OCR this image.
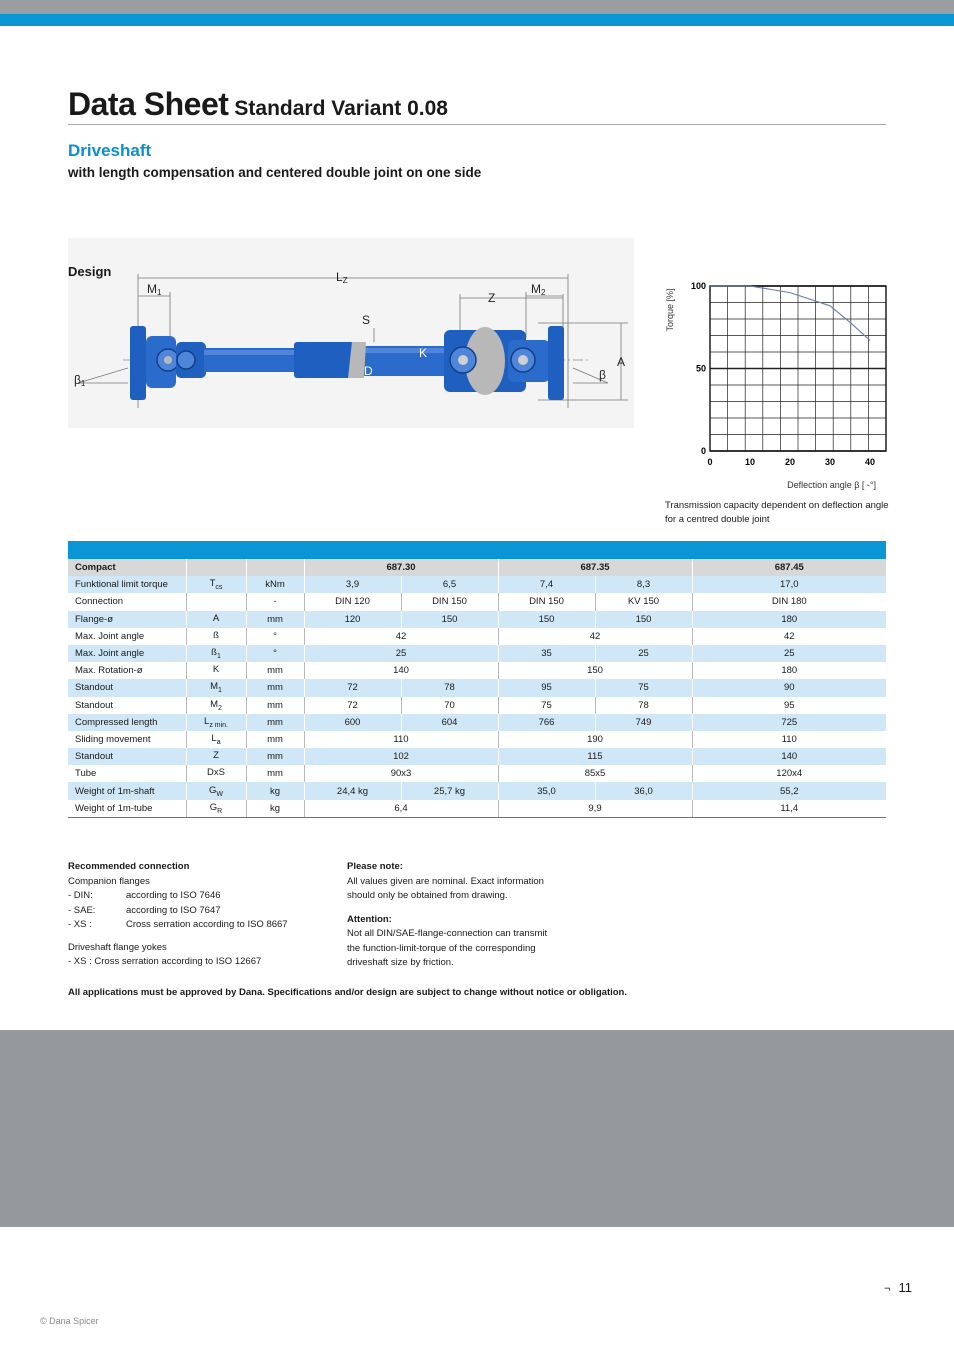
Data Sheet Standard Variant 0.08
Driveshaft
with length compensation and centered double joint on one side
M1
LZ
Z
M2
S
K
D
A
β1
β
Design
0	10	20	30	40
0
50
100
Torque [%]
Deflection angle β [ -°]
Transmission capacity dependent on deflection angle for a centred double joint
Compact			687.30		687.35		687.45
Funktional limit torque	$T_{cs}$	kNm	3,9	6,5	7,4	8,3	17,0
Connection		-	DIN 120	DIN 150	DIN 150	KV 150	DIN 180
Flange-ø	A	mm	120	150	150	150	180
Max. Joint angle	ß	°	42		42		42
Max. Joint angle	$ß_1$	°	25		35	25	25
Max. Rotation-ø	K	mm	140		150		180
Standout	$M_1$	mm	72	78	95	75	90
Standout	$M_2$	mm	72	70	75	78	95
Compressed length	$L_{z min.}$	mm	600	604	766	749	725
Sliding movement	$L_a$	mm	110		190		110
Standout	Z	mm	102		115		140
Tube	DxS	mm	90x3		85x5		120x4
Weight of 1m-shaft	$G_W$	kg	24,4 kg	25,7 kg	35,0	36,0	55,2
Weight of 1m-tube	$G_R$	kg	6,4		9,9		11,4
Recommended connection
Companion flanges
- DIN:	according to ISO 7646
- SAE:	according to ISO 7647
- XS :	Cross serration according to ISO 8667
Driveshaft flange yokes
- XS : Cross serration according to ISO 12667
Please note:
All values given are nominal. Exact information
should only be obtained from drawing.
Attention:
Not all DIN/SAE-flange-connection can transmit
the function-limit-torque of the corresponding
driveshaft size by friction.
All applications must be approved by Dana. Specifications and/or design are subject to change without notice or obligation.
¬ 11
© Dana Spicer
